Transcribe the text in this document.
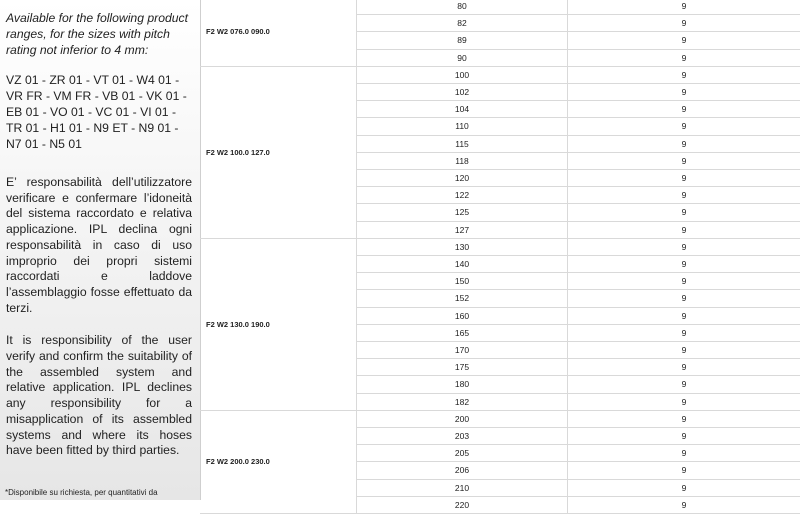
Available for the following product ranges, for the sizes with pitch rating not inferior to 4 mm:
VZ 01 - ZR 01 - VT 01 - W4 01 - VR FR - VM FR - VB 01 - VK 01 - EB 01 - VO 01 - VC 01 - VI 01 - TR 01 - H1 01 - N9 ET - N9 01 - N7 01 - N5 01
E’ responsabilità dell’utilizzatore verificare e confermare l’idoneità del sistema raccordato e relativa applicazione. IPL declina ogni responsabilità in caso di uso improprio dei propri sistemi raccordati e laddove l’assemblaggio fosse effettuato da terzi.
It is responsibility of the user verify and confirm the suitability of the assembled system and relative application. IPL declines any responsibility for a misapplication of its assembled systems and where its hoses have been fitted by third parties.
*Disponibile su richiesta, per quantitativi da
F2 W2 076.0 090.0
80	9
82	9
89	9
90	9
F2 W2 100.0 127.0
100	9
102	9
104	9
110	9
115	9
118	9
120	9
122	9
125	9
127	9
F2 W2 130.0 190.0
130	9
140	9
150	9
152	9
160	9
165	9
170	9
175	9
180	9
182	9
F2 W2 200.0 230.0
200	9
203	9
205	9
206	9
210	9
220	9
